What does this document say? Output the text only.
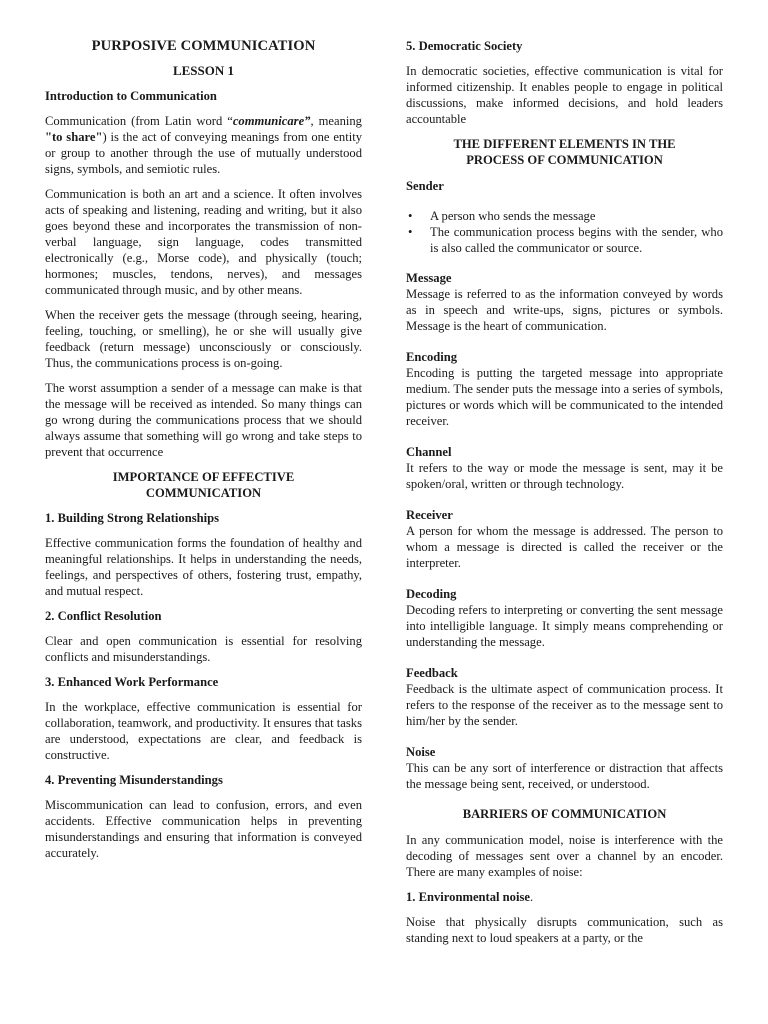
PURPOSIVE COMMUNICATION
LESSON 1
Introduction to Communication

Communication (from Latin word “communicare”, meaning "to share") is the act of conveying meanings from one entity or group to another through the use of mutually understood signs, symbols, and semiotic rules.

Communication is both an art and a science. It often involves acts of speaking and listening, reading and writing, but it also goes beyond these and incorporates the transmission of non-verbal language, sign language, codes transmitted electronically (e.g., Morse code), and physically (touch; hormones; muscles, tendons, nerves), and messages communicated through music, and by other means.

When the receiver gets the message (through seeing, hearing, feeling, touching, or smelling), he or she will usually give feedback (return message) unconsciously or consciously. Thus, the communications process is on-going.

The worst assumption a sender of a message can make is that the message will be received as intended. So many things can go wrong during the communications process that we should always assume that something will go wrong and take steps to prevent that occurrence

IMPORTANCE OF EFFECTIVE
COMMUNICATION
1. Building Strong Relationships

Effective communication forms the foundation of healthy and meaningful relationships. It helps in understanding the needs, feelings, and perspectives of others, fostering trust, empathy, and mutual respect.

2. Conflict Resolution

Clear and open communication is essential for resolving conflicts and misunderstandings.

3. Enhanced Work Performance

In the workplace, effective communication is essential for collaboration, teamwork, and productivity. It ensures that tasks are understood, expectations are clear, and feedback is constructive.

4. Preventing Misunderstandings

Miscommunication can lead to confusion, errors, and even accidents. Effective communication helps in preventing misunderstandings and ensuring that information is conveyed accurately.

5. Democratic Society

In democratic societies, effective communication is vital for informed citizenship. It enables people to engage in political discussions, make informed decisions, and hold leaders accountable

THE DIFFERENT ELEMENTS IN THE
PROCESS OF COMMUNICATION
Sender
• A person who sends the message
• The communication process begins with the sender, who is also called the communicator or source.
Message

Message is referred to as the information conveyed by words as in speech and write-ups, signs, pictures or symbols. Message is the heart of communication.

Encoding

Encoding is putting the targeted message into appropriate medium. The sender puts the message into a series of symbols, pictures or words which will be communicated to the intended receiver.

Channel

It refers to the way or mode the message is sent, may it be spoken/oral, written or through technology.

Receiver

A person for whom the message is addressed. The person to whom a message is directed is called the receiver or the interpreter.

Decoding

Decoding refers to interpreting or converting the sent message into intelligible language. It simply means comprehending or understanding the message.

Feedback

Feedback is the ultimate aspect of communication process. It refers to the response of the receiver as to the message sent to him/her by the sender.

Noise

This can be any sort of interference or distraction that affects the message being sent, received, or understood.

BARRIERS OF COMMUNICATION

In any communication model, noise is interference with the decoding of messages sent over a channel by an encoder. There are many examples of noise:

1. Environmental noise.

Noise that physically disrupts communication, such as standing next to loud speakers at a party, or the
